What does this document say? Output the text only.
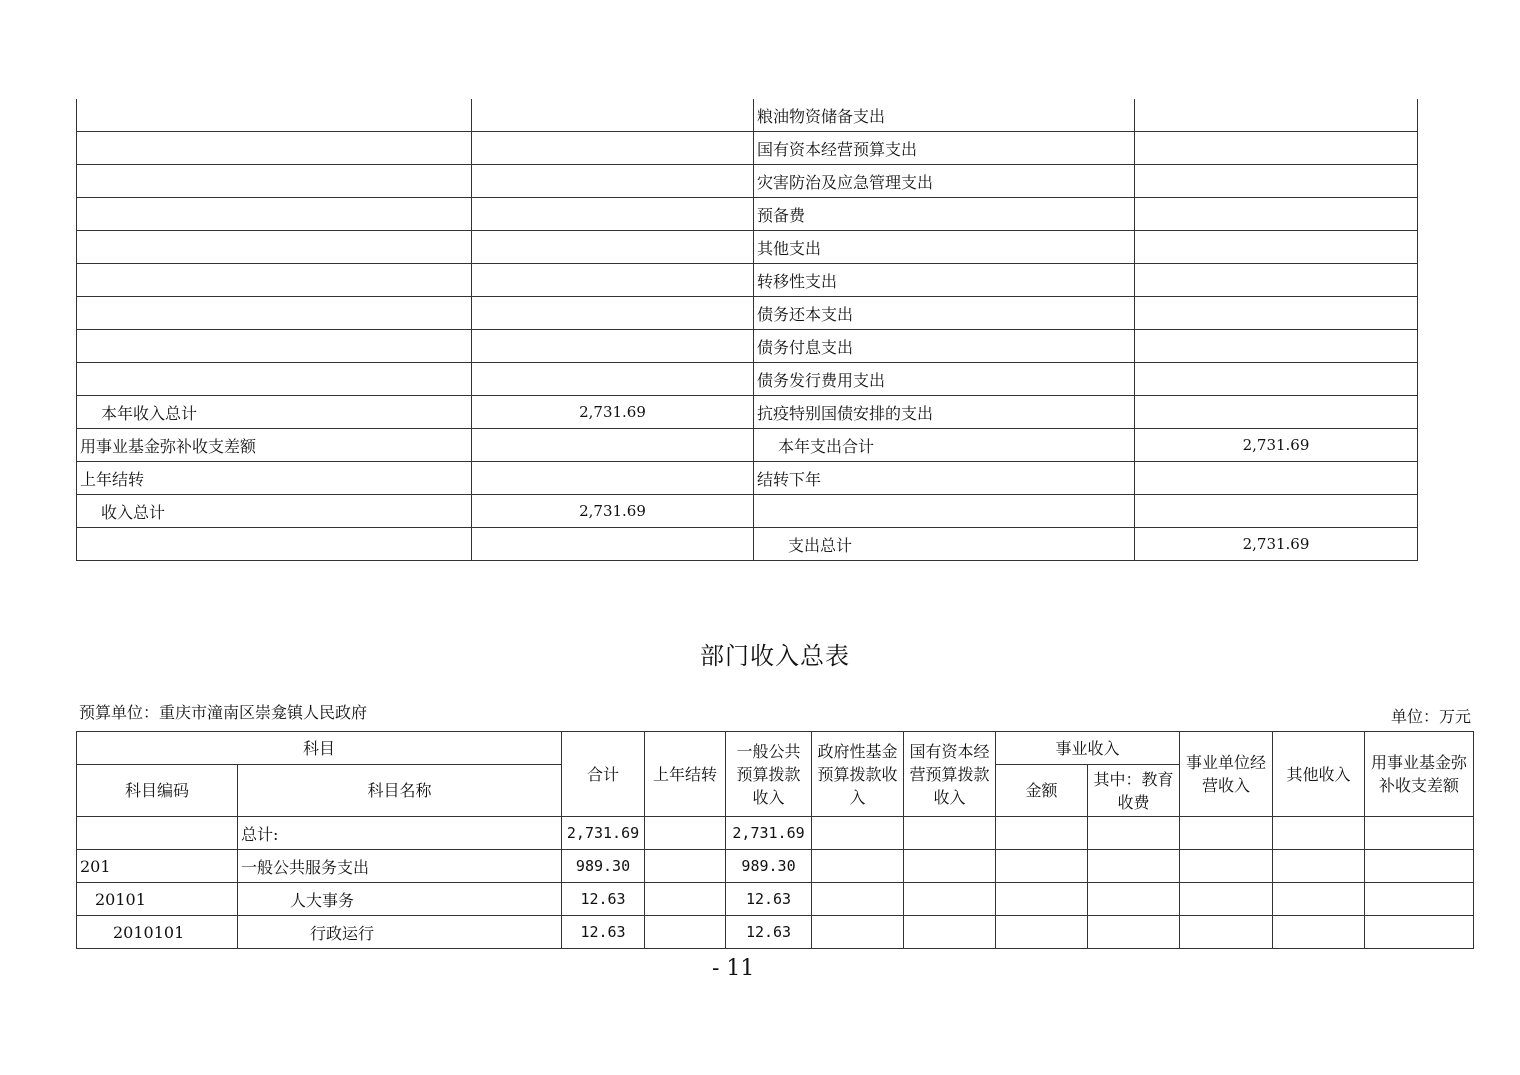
		粮油物资储备支出	
		国有资本经营预算支出	
		灾害防治及应急管理支出	
		预备费	
		其他支出	
		转移性支出	
		债务还本支出	
		债务付息支出	
		债务发行费用支出	
本年收入总计	2,731.69	抗疫特别国债安排的支出	
用事业基金弥补收支差额		本年支出合计	2,731.69
上年结转		结转下年	
收入总计	2,731.69		
		支出总计	2,731.69
部门收入总表
预算单位：重庆市潼南区崇龛镇人民政府	单位：万元
科目		合计	上年结转	一般公共预算拨款收入	政府性基金预算拨款收入	国有资本经营预算拨款收入	事业收入		事业单位经营收入	其他收入	用事业基金弥补收支差额
科目编码	科目名称						金额	其中：教育收费			
	总计:	2,731.69		2,731.69							
201	一般公共服务支出	989.30		989.30							
20101	人大事务	12.63		12.63							
2010101	行政运行	12.63		12.63							
- 11
